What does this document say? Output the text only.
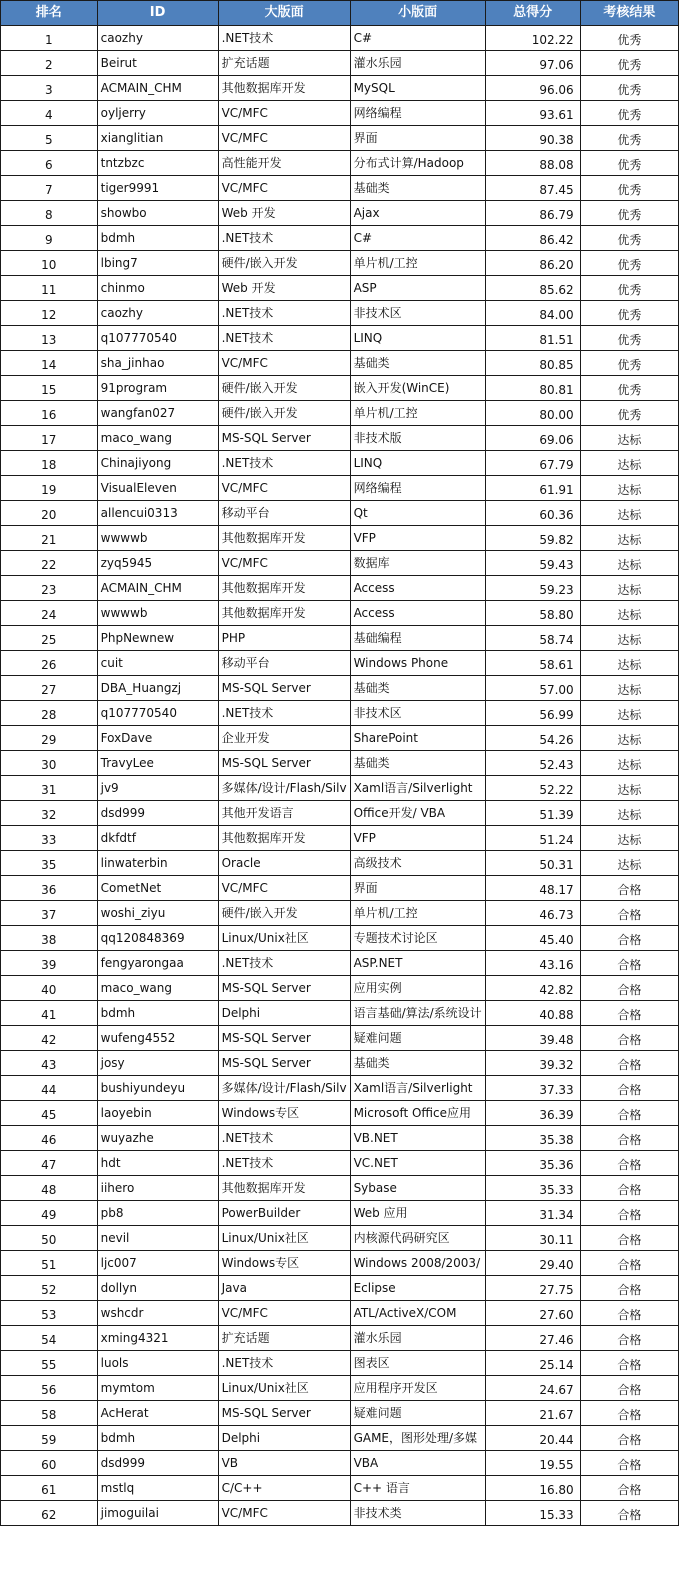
排名	ID	大版面	小版面	总得分	考核结果
1	caozhy	.NET技术	C#	102.22	优秀
2	Beirut	扩充话题	灌水乐园	97.06	优秀
3	ACMAIN_CHM	其他数据库开发	MySQL	96.06	优秀
4	oyljerry	VC/MFC	网络编程	93.61	优秀
5	xianglitian	VC/MFC	界面	90.38	优秀
6	tntzbzc	高性能开发	分布式计算/Hadoop	88.08	优秀
7	tiger9991	VC/MFC	基础类	87.45	优秀
8	showbo	Web 开发	Ajax	86.79	优秀
9	bdmh	.NET技术	C#	86.42	优秀
10	lbing7	硬件/嵌入开发	单片机/工控	86.20	优秀
11	chinmo	Web 开发	ASP	85.62	优秀
12	caozhy	.NET技术	非技术区	84.00	优秀
13	q107770540	.NET技术	LINQ	81.51	优秀
14	sha_jinhao	VC/MFC	基础类	80.85	优秀
15	91program	硬件/嵌入开发	嵌入开发(WinCE)	80.81	优秀
16	wangfan027	硬件/嵌入开发	单片机/工控	80.00	优秀
17	maco_wang	MS-SQL Server	非技术版	69.06	达标
18	Chinajiyong	.NET技术	LINQ	67.79	达标
19	VisualEleven	VC/MFC	网络编程	61.91	达标
20	allencui0313	移动平台	Qt	60.36	达标
21	wwwwb	其他数据库开发	VFP	59.82	达标
22	zyq5945	VC/MFC	数据库	59.43	达标
23	ACMAIN_CHM	其他数据库开发	Access	59.23	达标
24	wwwwb	其他数据库开发	Access	58.80	达标
25	PhpNewnew	PHP	基础编程	58.74	达标
26	cuit	移动平台	Windows Phone	58.61	达标
27	DBA_Huangzj	MS-SQL Server	基础类	57.00	达标
28	q107770540	.NET技术	非技术区	56.99	达标
29	FoxDave	企业开发	SharePoint	54.26	达标
30	TravyLee	MS-SQL Server	基础类	52.43	达标
31	jv9	多媒体/设计/Flash/Silv	Xaml语言/Silverlight	52.22	达标
32	dsd999	其他开发语言	Office开发/ VBA	51.39	达标
33	dkfdtf	其他数据库开发	VFP	51.24	达标
35	linwaterbin	Oracle	高级技术	50.31	达标
36	CometNet	VC/MFC	界面	48.17	合格
37	woshi_ziyu	硬件/嵌入开发	单片机/工控	46.73	合格
38	qq120848369	Linux/Unix社区	专题技术讨论区	45.40	合格
39	fengyarongaa	.NET技术	ASP.NET	43.16	合格
40	maco_wang	MS-SQL Server	应用实例	42.82	合格
41	bdmh	Delphi	语言基础/算法/系统设计	40.88	合格
42	wufeng4552	MS-SQL Server	疑难问题	39.48	合格
43	josy	MS-SQL Server	基础类	39.32	合格
44	bushiyundeyu	多媒体/设计/Flash/Silv	Xaml语言/Silverlight	37.33	合格
45	laoyebin	Windows专区	Microsoft Office应用	36.39	合格
46	wuyazhe	.NET技术	VB.NET	35.38	合格
47	hdt	.NET技术	VC.NET	35.36	合格
48	iihero	其他数据库开发	Sybase	35.33	合格
49	pb8	PowerBuilder	Web 应用	31.34	合格
50	nevil	Linux/Unix社区	内核源代码研究区	30.11	合格
51	ljc007	Windows专区	Windows 2008/2003/	29.40	合格
52	dollyn	Java	Eclipse	27.75	合格
53	wshcdr	VC/MFC	ATL/ActiveX/COM	27.60	合格
54	xming4321	扩充话题	灌水乐园	27.46	合格
55	luols	.NET技术	图表区	25.14	合格
56	mymtom	Linux/Unix社区	应用程序开发区	24.67	合格
58	AcHerat	MS-SQL Server	疑难问题	21.67	合格
59	bdmh	Delphi	GAME，图形处理/多媒	20.44	合格
60	dsd999	VB	VBA	19.55	合格
61	mstlq	C/C++	C++ 语言	16.80	合格
62	jimoguilai	VC/MFC	非技术类	15.33	合格
